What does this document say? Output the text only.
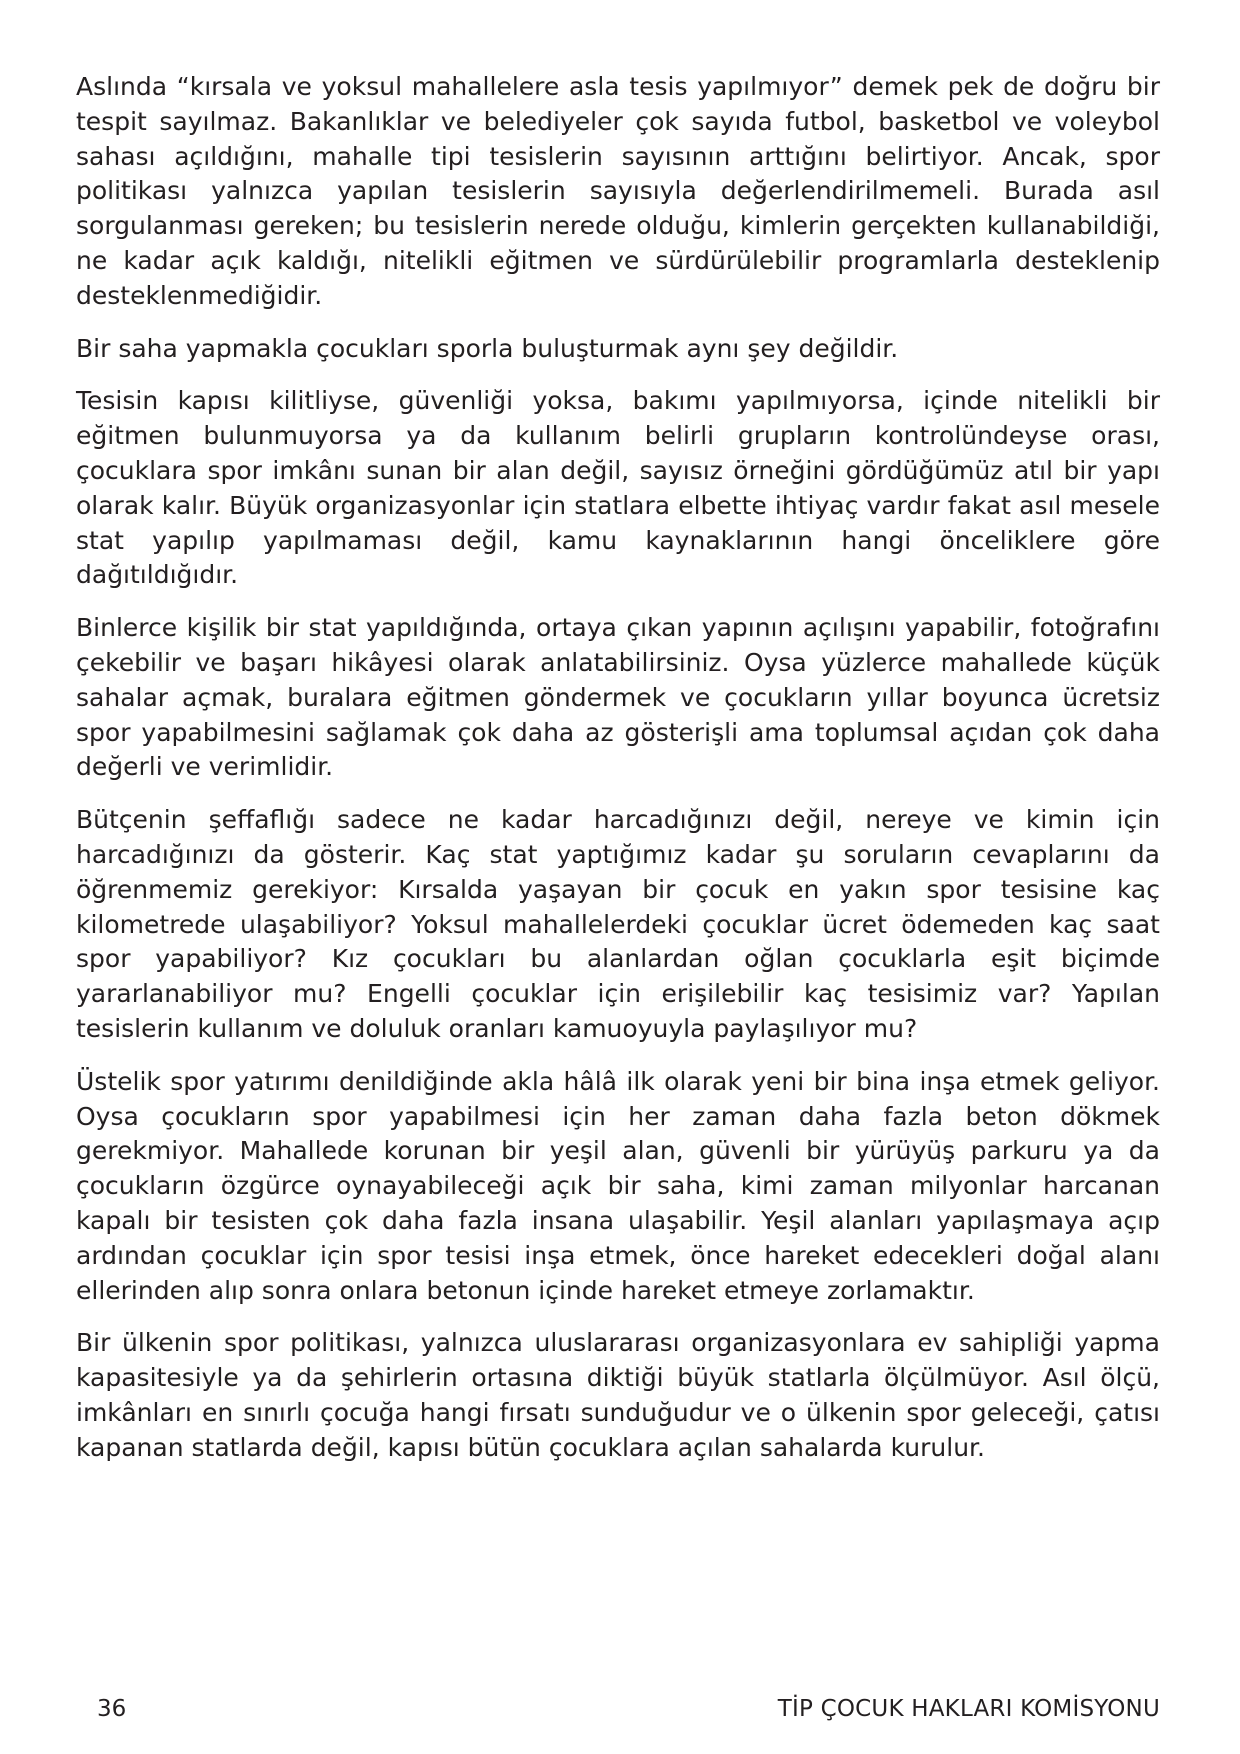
Aslında “kırsala ve yoksul mahallelere asla tesis yapılmıyor” demek pek de doğru bir tespit sayılmaz. Bakanlıklar ve belediyeler çok sayıda futbol, basketbol ve voleybol sahası açıldığını, mahalle tipi tesislerin sayısının arttığını belirtiyor. Ancak, spor politikası yalnızca yapılan tesislerin sayısıyla değerlendirilmemeli. Burada asıl sorgulanması gereken; bu tesislerin nerede olduğu, kimlerin gerçekten kullanabildiği, ne kadar açık kaldığı, nitelikli eğitmen ve sürdürülebilir programlarla desteklenip desteklenmediğidir.

Bir saha yapmakla çocukları sporla buluşturmak aynı şey değildir.

Tesisin kapısı kilitliyse, güvenliği yoksa, bakımı yapılmıyorsa, içinde nitelikli bir eğitmen bulunmuyorsa ya da kullanım belirli grupların kontrolündeyse orası, çocuklara spor imkânı sunan bir alan değil, sayısız örneğini gördüğümüz atıl bir yapı olarak kalır. Büyük organizasyonlar için statlara elbette ihtiyaç vardır fakat asıl mesele stat yapılıp yapılmaması değil, kamu kaynaklarının hangi önceliklere göre dağıtıldığıdır.

Binlerce kişilik bir stat yapıldığında, ortaya çıkan yapının açılışını yapabilir, fotoğrafını çekebilir ve başarı hikâyesi olarak anlatabilirsiniz. Oysa yüzlerce mahallede küçük sahalar açmak, buralara eğitmen göndermek ve çocukların yıllar boyunca ücretsiz spor yapabilmesini sağlamak çok daha az gösterişli ama toplumsal açıdan çok daha değerli ve verimlidir.

Bütçenin şeffaflığı sadece ne kadar harcadığınızı değil, nereye ve kimin için harcadığınızı da gösterir. Kaç stat yaptığımız kadar şu soruların cevaplarını da öğrenmemiz gerekiyor: Kırsalda yaşayan bir çocuk en yakın spor tesisine kaç kilometrede ulaşabiliyor? Yoksul mahallelerdeki çocuklar ücret ödemeden kaç saat spor yapabiliyor? Kız çocukları bu alanlardan oğlan çocuklarla eşit biçimde yararlanabiliyor mu? Engelli çocuklar için erişilebilir kaç tesisimiz var? Yapılan tesislerin kullanım ve doluluk oranları kamuoyuyla paylaşılıyor mu?

Üstelik spor yatırımı denildiğinde akla hâlâ ilk olarak yeni bir bina inşa etmek geliyor. Oysa çocukların spor yapabilmesi için her zaman daha fazla beton dökmek gerekmiyor. Mahallede korunan bir yeşil alan, güvenli bir yürüyüş parkuru ya da çocukların özgürce oynayabileceği açık bir saha, kimi zaman milyonlar harcanan kapalı bir tesisten çok daha fazla insana ulaşabilir. Yeşil alanları yapılaşmaya açıp ardından çocuklar için spor tesisi inşa etmek, önce hareket edecekleri doğal alanı ellerinden alıp sonra onlara betonun içinde hareket etmeye zorlamaktır.

Bir ülkenin spor politikası, yalnızca uluslararası organizasyonlara ev sahipliği yapma kapasitesiyle ya da şehirlerin ortasına diktiği büyük statlarla ölçülmüyor. Asıl ölçü, imkânları en sınırlı çocuğa hangi fırsatı sunduğudur ve o ülkenin spor geleceği, çatısı kapanan statlarda değil, kapısı bütün çocuklara açılan sahalarda kurulur.

36	TİP ÇOCUK HAKLARI KOMİSYONU
